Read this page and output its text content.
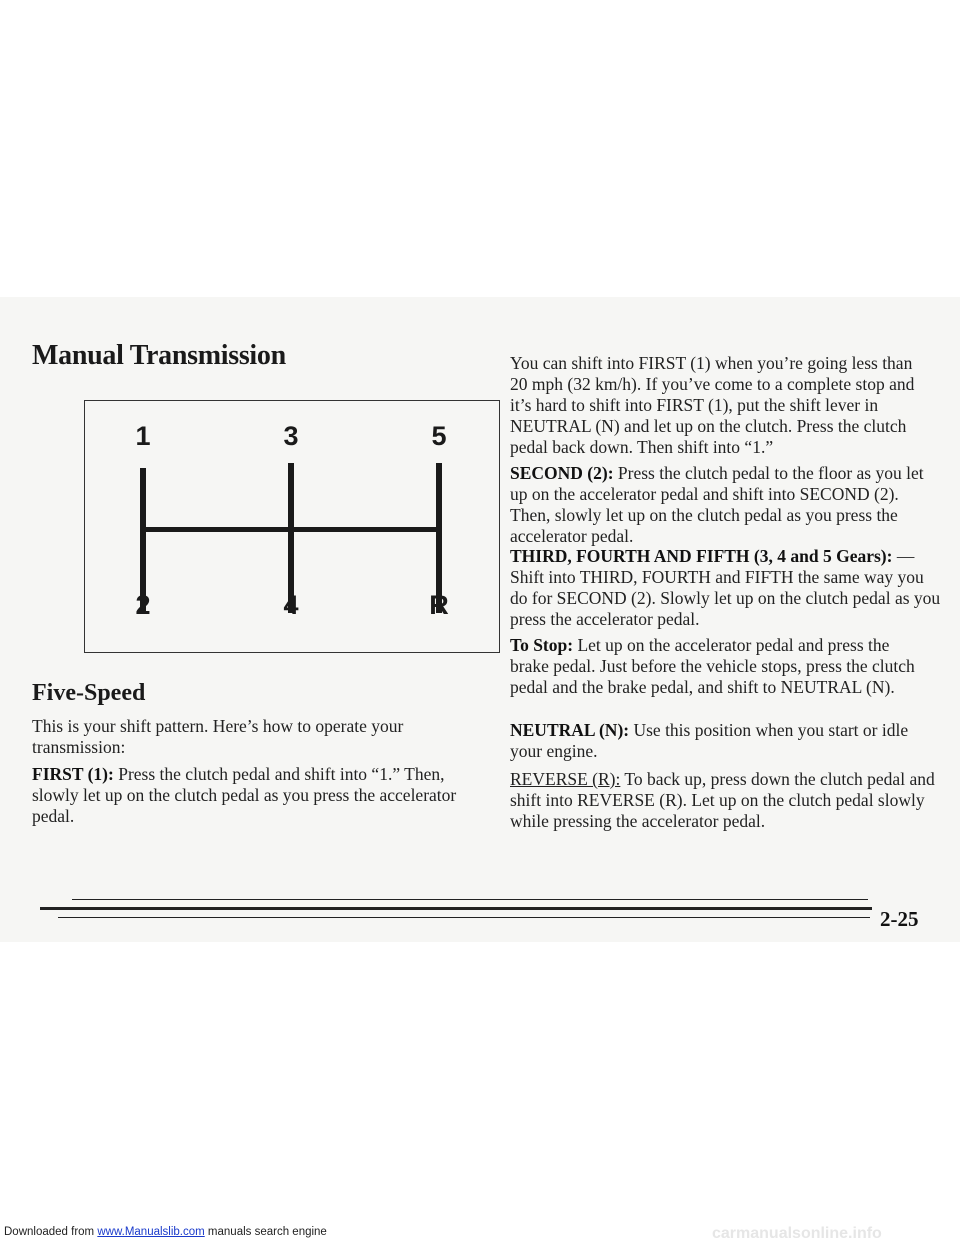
Manual Transmission
1	3	5
2	4	R
Five-Speed

This is your shift pattern. Here’s how to operate your transmission:

FIRST (1): Press the clutch pedal and shift into “1.” Then, slowly let up on the clutch pedal as you press the accelerator pedal.

You can shift into FIRST (1) when you’re going less than 20 mph (32 km/h). If you’ve come to a complete stop and it’s hard to shift into FIRST (1), put the shift lever in NEUTRAL (N) and let up on the clutch. Press the clutch pedal back down. Then shift into “1.”

SECOND (2): Press the clutch pedal to the floor as you let up on the accelerator pedal and shift into SECOND (2). Then, slowly let up on the clutch pedal as you press the accelerator pedal.

THIRD, FOURTH AND FIFTH (3, 4 and 5 Gears): — Shift into THIRD, FOURTH and FIFTH the same way you do for SECOND (2). Slowly let up on the clutch pedal as you press the accelerator pedal.

To Stop: Let up on the accelerator pedal and press the brake pedal. Just before the vehicle stops, press the clutch pedal and the brake pedal, and shift to NEUTRAL (N).

NEUTRAL (N): Use this position when you start or idle your engine.

REVERSE (R): To back up, press down the clutch pedal and shift into REVERSE (R). Let up on the clutch pedal slowly while pressing the accelerator pedal.

2-25
Downloaded from www.Manualslib.com manuals search engine	carmanualsonline.info
